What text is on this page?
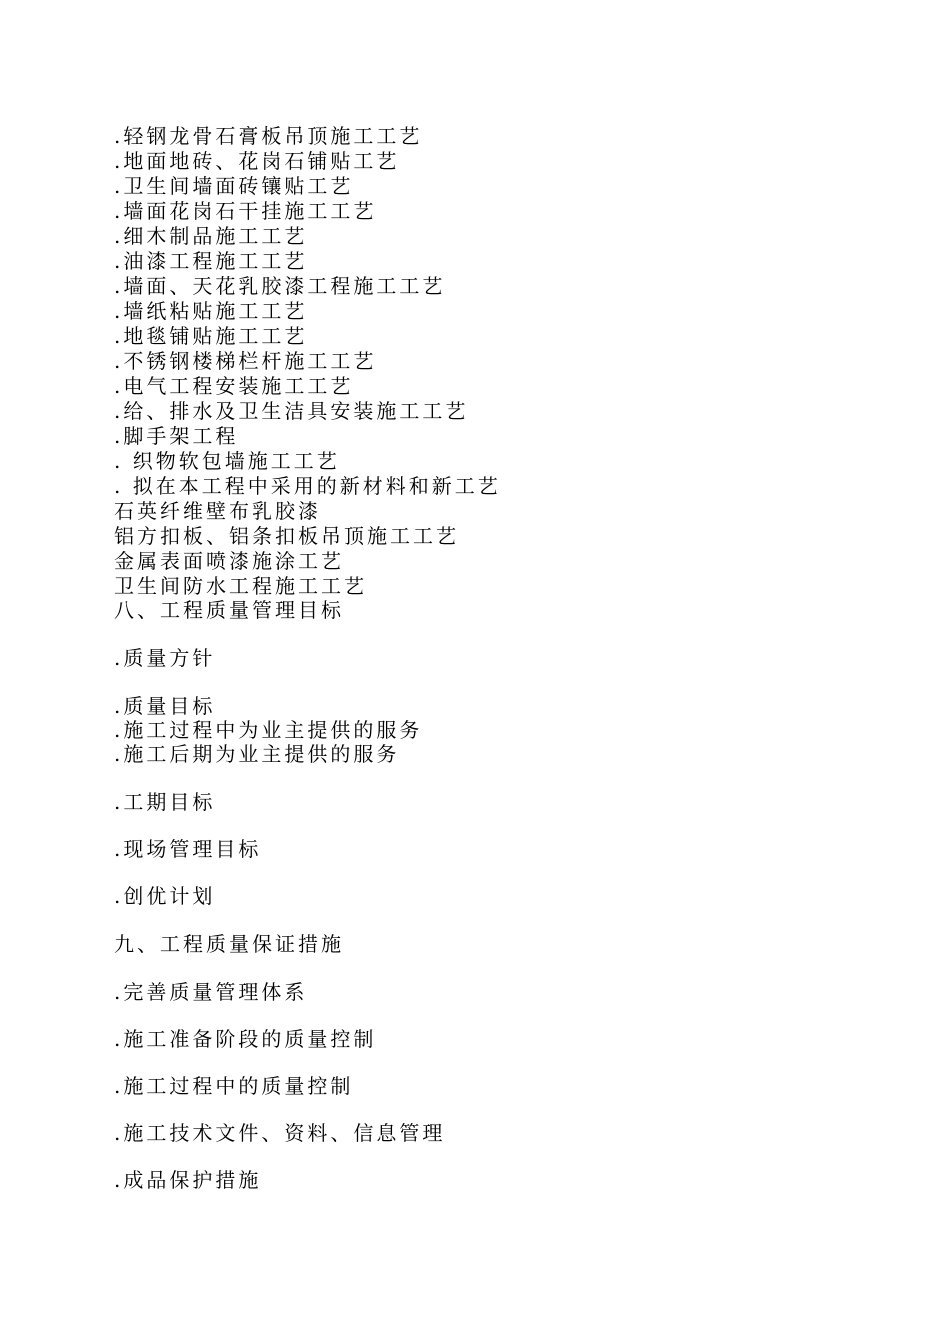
.轻钢龙骨石膏板吊顶施工工艺
.地面地砖、花岗石铺贴工艺
.卫生间墙面砖镶贴工艺
.墙面花岗石干挂施工工艺
.细木制品施工工艺
.油漆工程施工工艺
.墙面、天花乳胶漆工程施工工艺
.墙纸粘贴施工工艺
.地毯铺贴施工工艺
.不锈钢楼梯栏杆施工工艺
.电气工程安装施工工艺
.给、排水及卫生洁具安装施工工艺
.脚手架工程
. 织物软包墙施工工艺
. 拟在本工程中采用的新材料和新工艺
石英纤维壁布乳胶漆
铝方扣板、铝条扣板吊顶施工工艺
金属表面喷漆施涂工艺
卫生间防水工程施工工艺
八、工程质量管理目标
.质量方针
.质量目标
.施工过程中为业主提供的服务
.施工后期为业主提供的服务
.工期目标
.现场管理目标
.创优计划
九、工程质量保证措施
.完善质量管理体系
.施工准备阶段的质量控制
.施工过程中的质量控制
.施工技术文件、资料、信息管理
.成品保护措施
